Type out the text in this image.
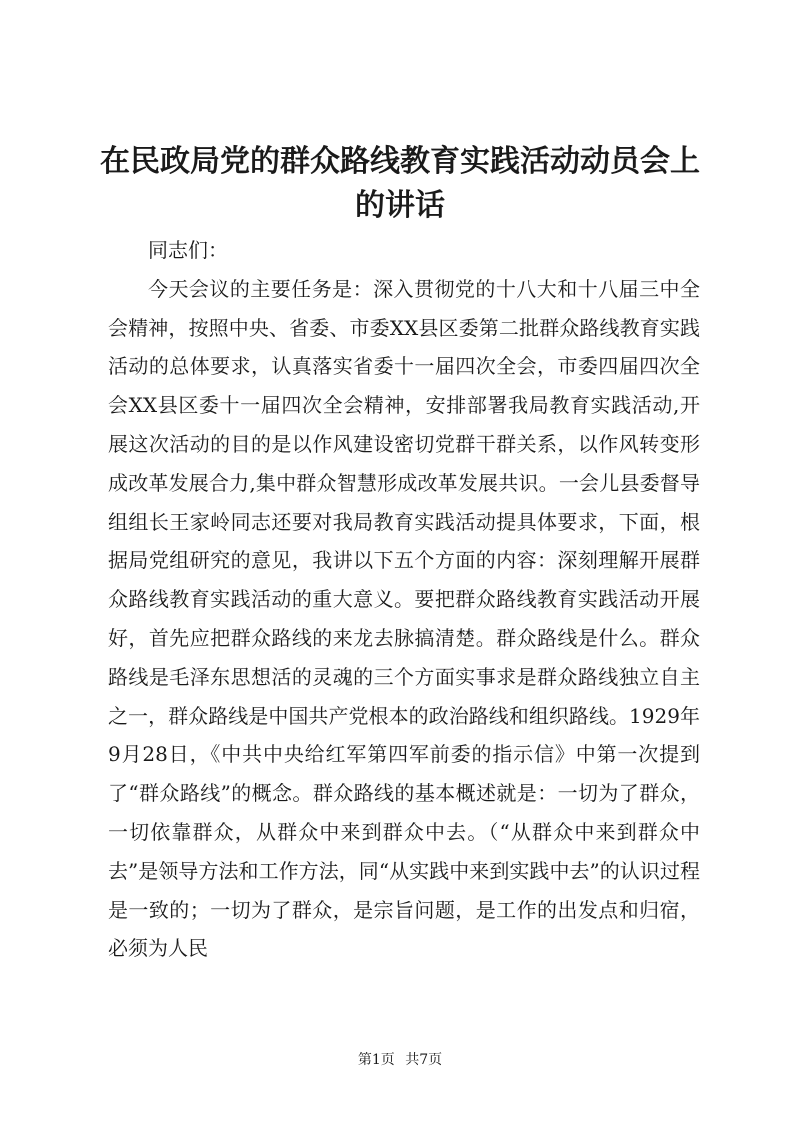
在民政局党的群众路线教育实践活动动员会上的讲话

同志们：

今天会议的主要任务是：深入贯彻党的十八大和十八届三中全会精神，按照中央、省委、市委XX县区委第二批群众路线教育实践活动的总体要求，认真落实省委十一届四次全会，市委四届四次全会XX县区委十一届四次全会精神，安排部署我局教育实践活动,开展这次活动的目的是以作风建设密切党群干群关系，以作风转变形成改革发展合力,集中群众智慧形成改革发展共识。一会儿县委督导组组长王家岭同志还要对我局教育实践活动提具体要求，下面，根据局党组研究的意见，我讲以下五个方面的内容：深刻理解开展群众路线教育实践活动的重大意义。要把群众路线教育实践活动开展好，首先应把群众路线的来龙去脉搞清楚。群众路线是什么。群众路线是毛泽东思想活的灵魂的三个方面实事求是群众路线独立自主之一，群众路线是中国共产党根本的政治路线和组织路线。1929年9月28日，《中共中央给红军第四军前委的指示信》中第一次提到了“群众路线”的概念。群众路线的基本概述就是：一切为了群众，一切依靠群众，从群众中来到群众中去。（“从群众中来到群众中去”是领导方法和工作方法，同“从实践中来到实践中去”的认识过程是一致的；一切为了群众，是宗旨问题，是工作的出发点和归宿，必须为人民

第1页 共7页
